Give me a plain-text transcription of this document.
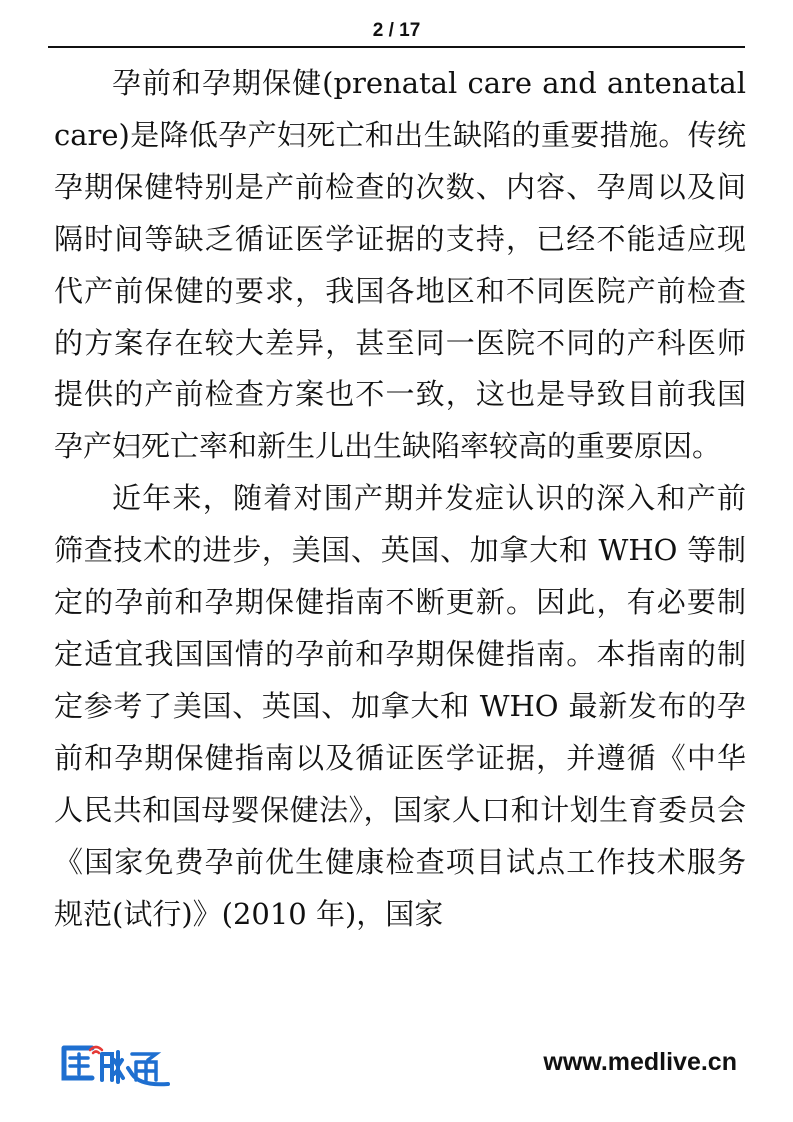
2 / 17

孕前和孕期保健(prenatal care and antenatal care)是降低孕产妇死亡和出生缺陷的重要措施。传统孕期保健特别是产前检查的次数、内容、孕周以及间隔时间等缺乏循证医学证据的支持，已经不能适应现代产前保健的要求，我国各地区和不同医院产前检查的方案存在较大差异，甚至同一医院不同的产科医师提供的产前检查方案也不一致，这也是导致目前我国孕产妇死亡率和新生儿出生缺陷率较高的重要原因。

近年来，随着对围产期并发症认识的深入和产前筛查技术的进步，美国、英国、加拿大和 WHO 等制定的孕前和孕期保健指南不断更新。因此，有必要制定适宜我国国情的孕前和孕期保健指南。本指南的制定参考了美国、英国、加拿大和 WHO 最新发布的孕前和孕期保健指南以及循证医学证据，并遵循《中华人民共和国母婴保健法》，国家人口和计划生育委员会《国家免费孕前优生健康检查项目试点工作技术服务规范(试行)》(2010 年)，国家

www.medlive.cn
